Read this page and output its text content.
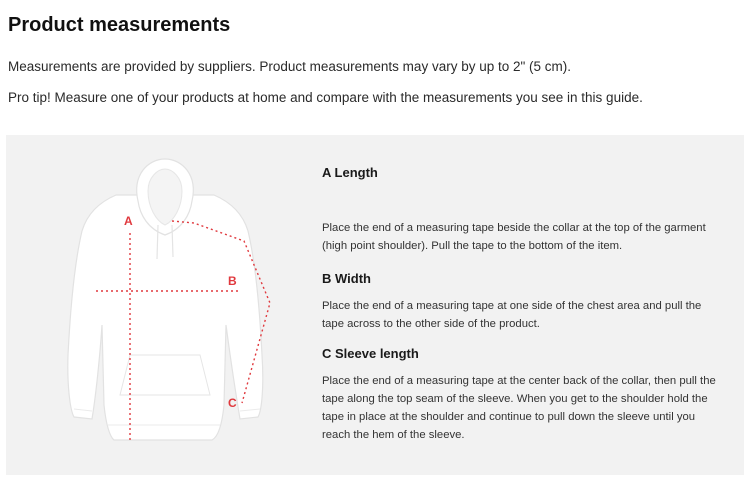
Product measurements
Measurements are provided by suppliers. Product measurements may vary by up to 2" (5 cm).
Pro tip! Measure one of your products at home and compare with the measurements you see in this guide.
A
B
C
A Length
Place the end of a measuring tape beside the collar at the top of the garment (high point shoulder). Pull the tape to the bottom of the item.
B Width
Place the end of a measuring tape at one side of the chest area and pull the tape across to the other side of the product.
C Sleeve length
Place the end of a measuring tape at the center back of the collar, then pull the tape along the top seam of the sleeve. When you get to the shoulder hold the tape in place at the shoulder and continue to pull down the sleeve until you reach the hem of the sleeve.
